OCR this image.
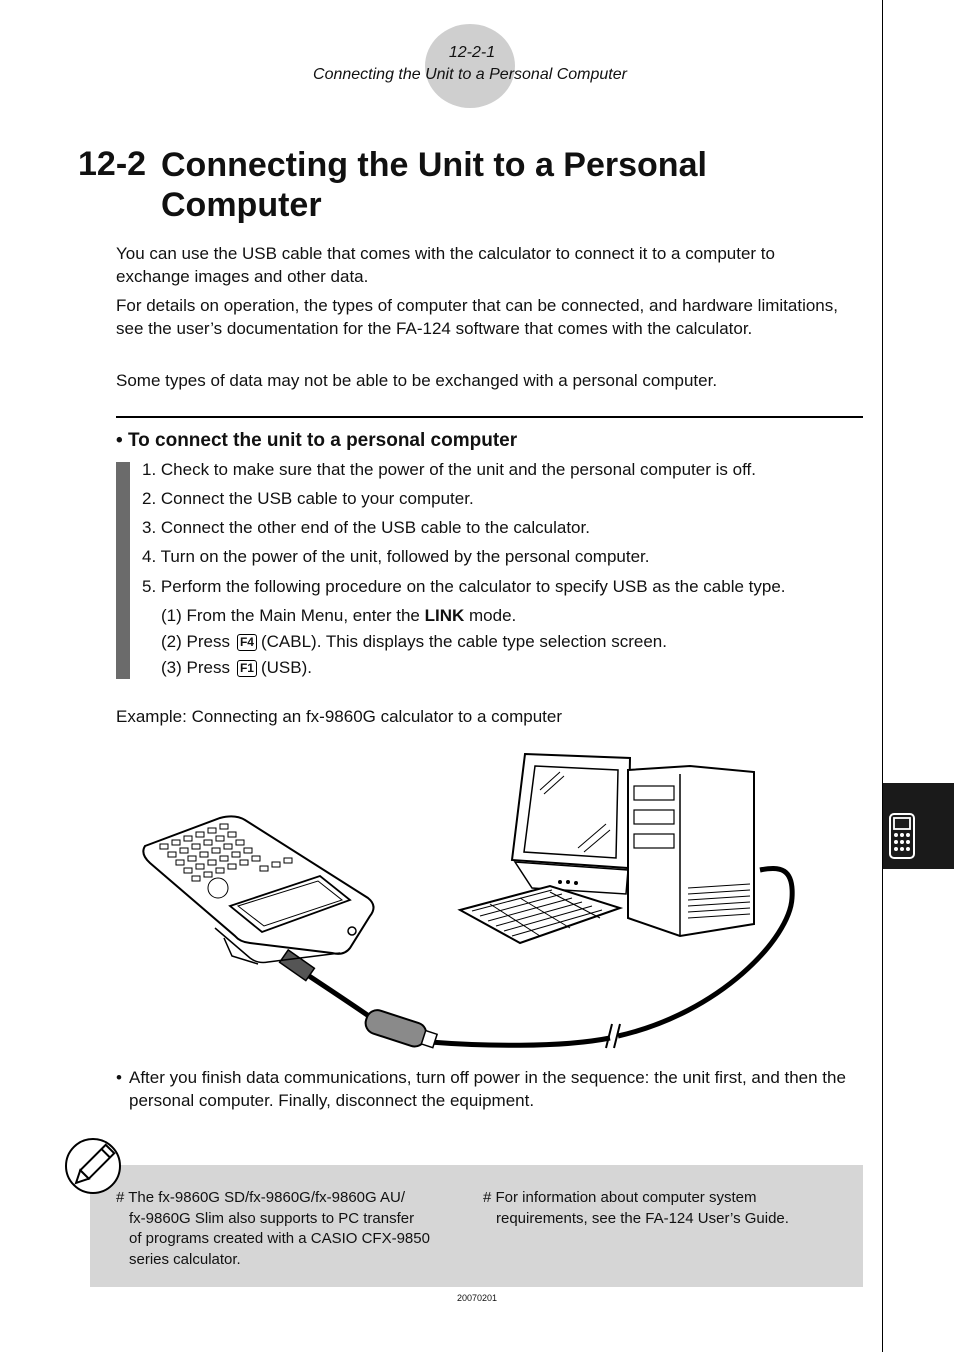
12-2-1
Connecting the Unit to a Personal Computer
12-2 Connecting the Unit to a Personal Computer

You can use the USB cable that comes with the calculator to connect it to a computer to exchange images and other data.

For details on operation, the types of computer that can be connected, and hardware limitations, see the user’s documentation for the FA-124 software that comes with the calculator.

Some types of data may not be able to be exchanged with a personal computer.

• To connect the unit to a personal computer
1. Check to make sure that the power of the unit and the personal computer is off.
2. Connect the USB cable to your computer.
3. Connect the other end of the USB cable to the calculator.
4. Turn on the power of the unit, followed by the personal computer.
5. Perform the following procedure on the calculator to specify USB as the cable type.
(1) From the Main Menu, enter the LINK mode.
(2) Press F4 (CABL). This displays the cable type selection screen.
(3) Press F1 (USB).
Example: Connecting an fx-9860G calculator to a computer
• After you finish data communications, turn off power in the sequence: the unit first, and then the personal computer. Finally, disconnect the equipment.
# The fx-9860G SD/fx-9860G/fx-9860G AU/
fx-9860G Slim also supports to PC transfer
of programs created with a CASIO CFX-9850
series calculator.
# For information about computer system
requirements, see the FA-124 User’s Guide.
20070201
